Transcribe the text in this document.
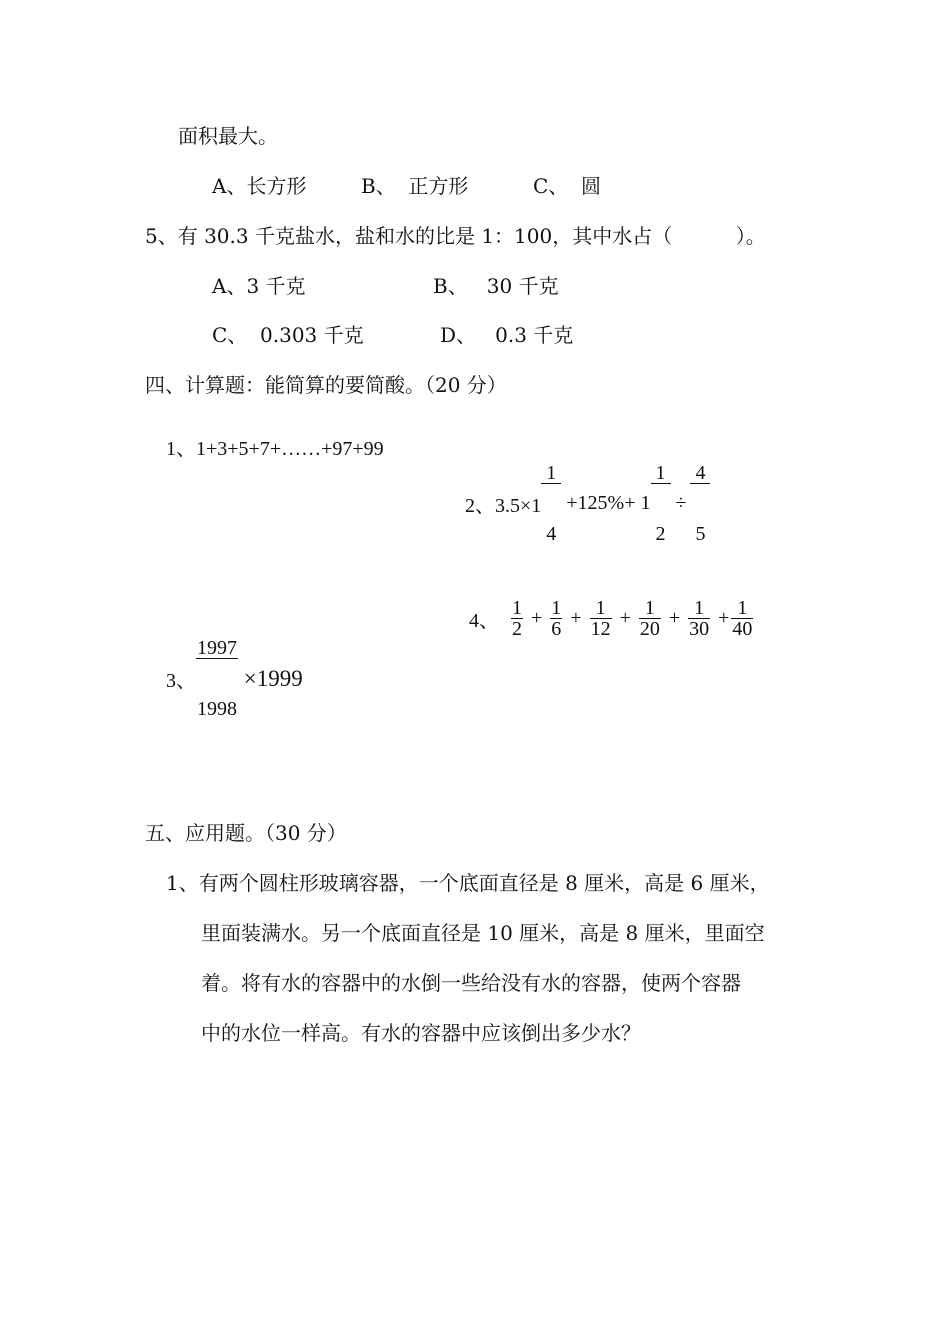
面积最大。
A、长方形	B、  正方形	C、  圆
5、有 30.3 千克盐水，盐和水的比是 1：100，其中水占（          ）。
A、3 千克	B、   30 千克
C、  0.303 千克	D、   0.3 千克
四、计算题：能简算的要简酸。（20 分）
1、1+3+5+7+……+97+99
2、3.5×1

$\frac{1}{4}$

+125%+ 1

$\frac{1}{2}$

÷

$\frac{4}{5}$

3、

$\frac{1997}{1998}$

×1999
4、 $\frac{1}{2} + \frac{1}{6} + \frac{1}{12} + \frac{1}{20} + \frac{1}{30} + \frac{1}{40}$
五、应用题。（30 分）
1、有两个圆柱形玻璃容器，一个底面直径是 8 厘米，高是 6 厘米，
里面装满水。另一个底面直径是 10 厘米，高是 8 厘米，里面空
着。将有水的容器中的水倒一些给没有水的容器，使两个容器
中的水位一样高。有水的容器中应该倒出多少水？
